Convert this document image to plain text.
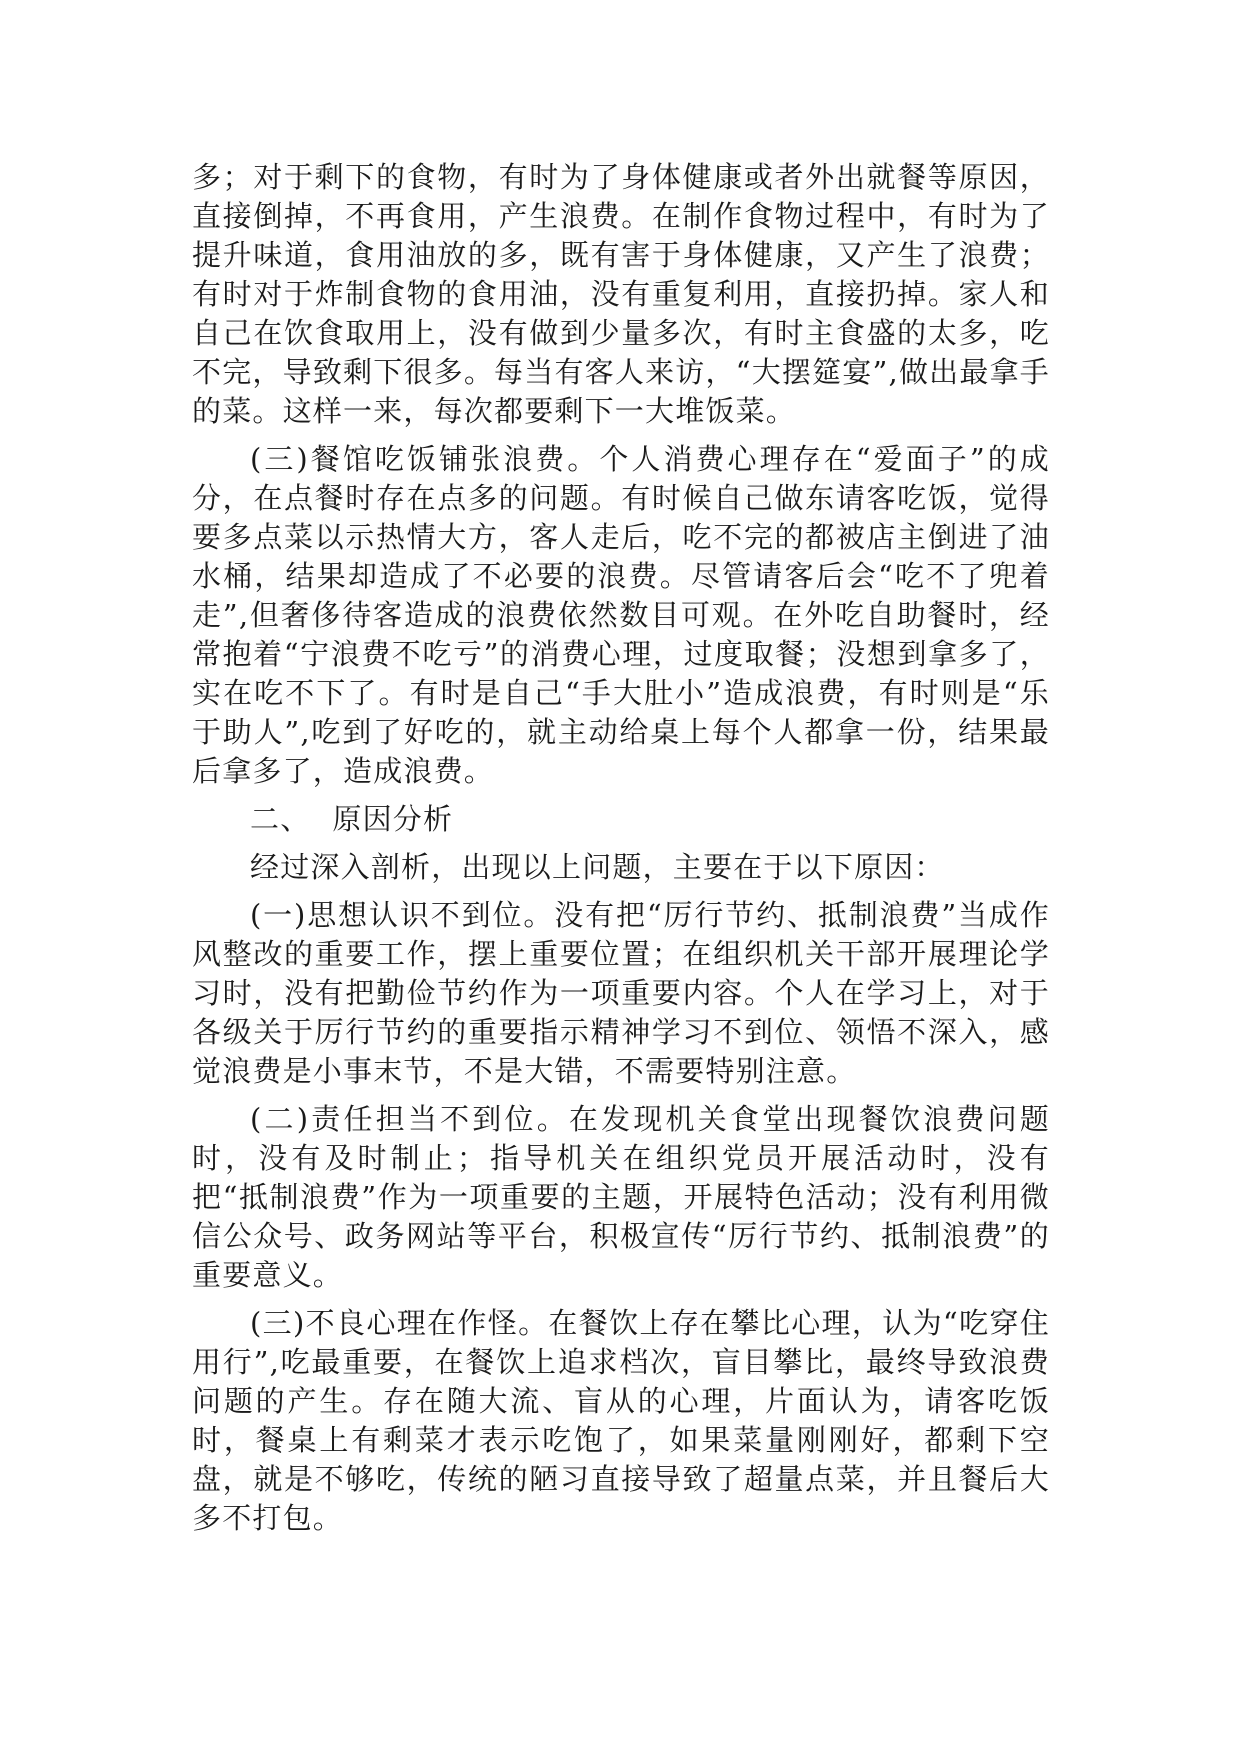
多；对于剩下的食物，有时为了身体健康或者外出就餐等原因，直接倒掉，不再食用，产生浪费。在制作食物过程中，有时为了提升味道，食用油放的多，既有害于身体健康，又产生了浪费；有时对于炸制食物的食用油，没有重复利用，直接扔掉。家人和自己在饮食取用上，没有做到少量多次，有时主食盛的太多，吃不完，导致剩下很多。每当有客人来访，“大摆筵宴”,做出最拿手的菜。这样一来，每次都要剩下一大堆饭菜。

(三)餐馆吃饭铺张浪费。个人消费心理存在“爱面子”的成分，在点餐时存在点多的问题。有时候自己做东请客吃饭，觉得要多点菜以示热情大方，客人走后，吃不完的都被店主倒进了油水桶，结果却造成了不必要的浪费。尽管请客后会“吃不了兜着走”,但奢侈待客造成的浪费依然数目可观。在外吃自助餐时，经常抱着“宁浪费不吃亏”的消费心理，过度取餐；没想到拿多了，实在吃不下了。有时是自己“手大肚小”造成浪费，有时则是“乐于助人”,吃到了好吃的，就主动给桌上每个人都拿一份，结果最后拿多了，造成浪费。

二、 原因分析

经过深入剖析，出现以上问题，主要在于以下原因：

(一)思想认识不到位。没有把“厉行节约、抵制浪费”当成作风整改的重要工作，摆上重要位置；在组织机关干部开展理论学习时，没有把勤俭节约作为一项重要内容。个人在学习上，对于各级关于厉行节约的重要指示精神学习不到位、领悟不深入，感觉浪费是小事末节，不是大错，不需要特别注意。

(二)责任担当不到位。在发现机关食堂出现餐饮浪费问题时，没有及时制止；指导机关在组织党员开展活动时，没有把“抵制浪费”作为一项重要的主题，开展特色活动；没有利用微信公众号、政务网站等平台，积极宣传“厉行节约、抵制浪费”的重要意义。

(三)不良心理在作怪。在餐饮上存在攀比心理，认为“吃穿住用行”,吃最重要，在餐饮上追求档次，盲目攀比，最终导致浪费问题的产生。存在随大流、盲从的心理，片面认为，请客吃饭时，餐桌上有剩菜才表示吃饱了，如果菜量刚刚好，都剩下空盘，就是不够吃，传统的陋习直接导致了超量点菜，并且餐后大多不打包。
